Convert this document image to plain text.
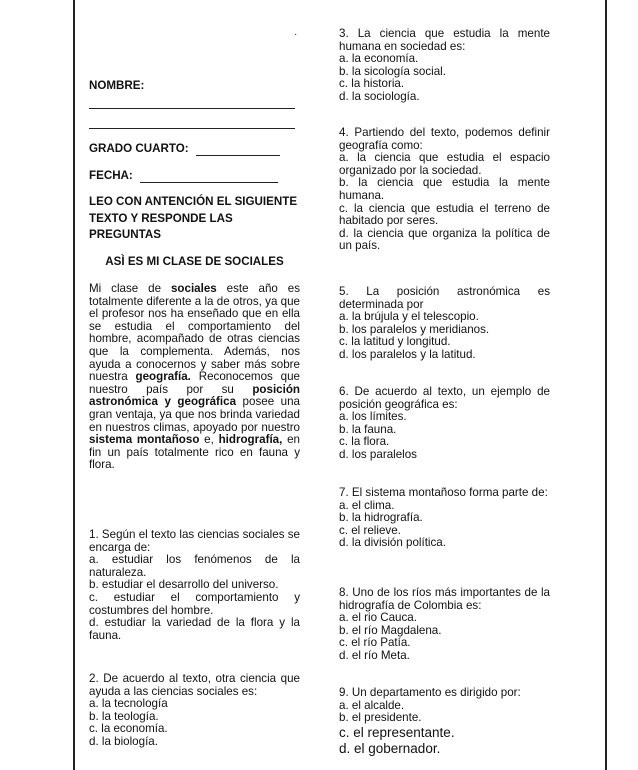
·
NOMBRE:
GRADO CUARTO:
FECHA:
LEO CON ANTENCIÓN EL SIGUIENTE TEXTO Y RESPONDE LAS PREGUNTAS
ASÌ ES MI CLASE DE SOCIALES
Mi clase de sociales este año es totalmente diferente a la de otros, ya que el profesor nos ha enseñado que en ella se estudia el comportamiento del hombre, acompañado de otras ciencias que la complementa. Además, nos ayuda a conocernos y saber más sobre nuestra geografía. Reconocemos que nuestro país por su posición astronómica y geográfica posee una gran ventaja, ya que nos brinda variedad en nuestros climas, apoyado por nuestro sistema montañoso e, hidrografía, en fin un país totalmente rico en fauna y flora.

1. Según el texto las ciencias sociales se encarga de:

a. estudiar los fenómenos de la naturaleza.

b. estudiar el desarrollo del universo.

c. estudiar el comportamiento y costumbres del hombre.

d. estudiar la variedad de la flora y la fauna.

2. De acuerdo al texto, otra ciencia que ayuda a las ciencias sociales es:

a. la tecnología

b. la teología.

c. la economía.

d. la biología.

3. La ciencia que estudia la mente humana en sociedad es:

a. la economía.

b. la sicología social.

c. la historia.

d. la sociología.

4. Partiendo del texto, podemos definir geografía como:

a. la ciencia que estudia el espacio organizado por la sociedad.

b. la ciencia que estudia la mente humana.

c. la ciencia que estudia el terreno de habitado por seres.

d. la ciencia que organiza la política de un país.

5. La posición astronómica es determinada por

a. la brújula y el telescopio.

b. los paralelos y meridianos.

c. la latitud y longitud.

d. los paralelos y la latitud.

6. De acuerdo al texto, un ejemplo de posición geográfica es:

a. los límites.

b. la fauna.

c. la flora.

d. los paralelos

7. El sistema montañoso forma parte de:

a. el clima.

b. la hidrografía.

c. el relieve.

d. la división política.

8. Uno de los ríos más importantes de la hidrografía de Colombia es:

a. el rio Cauca.

b. el río Magdalena.

c. el río Patía.

d. el río Meta.

9. Un departamento es dirigido por:

a. el alcalde.

b. el presidente.

c. el representante.

d. el gobernador.
